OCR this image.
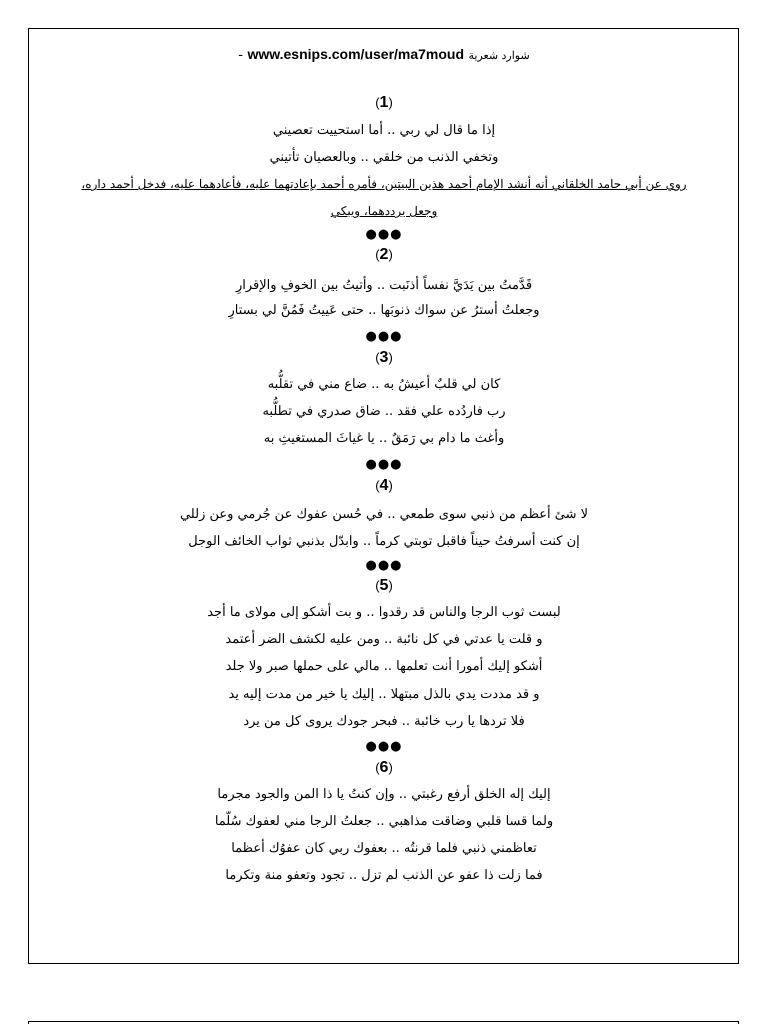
- www.esnips.com/user/ma7moud شوارد شعرية
(1)
إذا ما قال لي ربي .. أما استحييت تعصيني
وتخفي الذنب من خلقي .. وبالعصيان تأتيني
روي عن أبي حامد الخلقاني أنه أنشد الإمام أحمد هذين البيتين، فأمره أحمد بإعادتهما عليه، فأعادهما عليه، فدخل أحمد داره،
وجعل يرددهما، ويبكي
●●●
(2)
قَدَّمتُ بين يَدَيَّ نفساً أذنَبت .. وأتيتُ بين الخوفِ والإقرارِ
وجعلتُ أسترُ عن سواك ذنوبَها .. حتى عَييتُ فَمُنَّ لي بستارِ
●●●
(3)
كان لي قلبٌ أعيشُ به .. ضاع مني في تقلُّبه
رب فاردُده علي فقد .. ضاق صدري في تطلُّبه
وأغث ما دام بي رَمَقٌ .. يا غياثَ المستغيثِ به
●●●
(4)
لا شئ أعظم من ذنبي سوى طمعي .. في حُسن عفوك عن جُرمي وعن زللي
إن كنت أسرفتُ حيناً فاقبل توبتي كرماً .. وابدّل بذنبي ثواب الخائف الوجل
●●●
(5)
لبست ثوب الرجا والناس قد رقدوا .. و بت أشكو إلى مولاى ما أجد
و قلت يا عدتي في كل نائبة .. ومن عليه لكشف الضر أعتمد
أشكو إليك أمورا أنت تعلمها .. مالي على حملها صبر ولا جلد
و قد مددت يدي بالذل مبتهلا .. إليك يا خير من مدت إليه يد
فلا تردها يا رب خائبة .. فبحر جودك يروى كل من يرد
●●●
(6)
إليك إله الخلق أرفع رغبتي .. وإن كنتُ يا ذا المن والجود مجرما
ولما قسا قلبي وضاقت مذاهبي .. جعلتُ الرجا مني لعفوك سُلّما
تعاظمني ذنبي فلما قرنتُه .. بعفوك ربي كان عفوُك أعظما
فما زلت ذا عفو عن الذنب لم تزل .. تجود وتعفو منة وتكرما
